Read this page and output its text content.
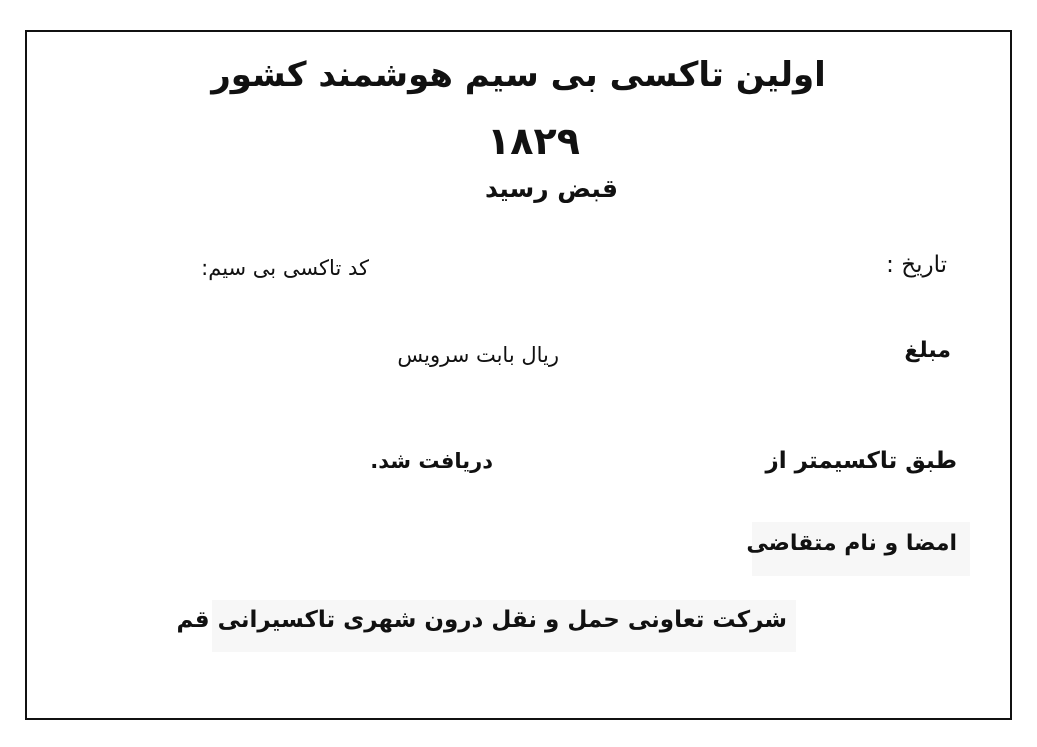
اولین تاکسی بی سیم هوشمند کشور
۱۸۲۹
قبض رسید
تاریخ :
کد تاکسی بی سیم:
مبلغ
ریال بابت سرویس
طبق تاکسیمتر از
دریافت شد.
امضا و نام متقاضی
شرکت تعاونی حمل و نقل درون شهری تاکسیرانی قم
